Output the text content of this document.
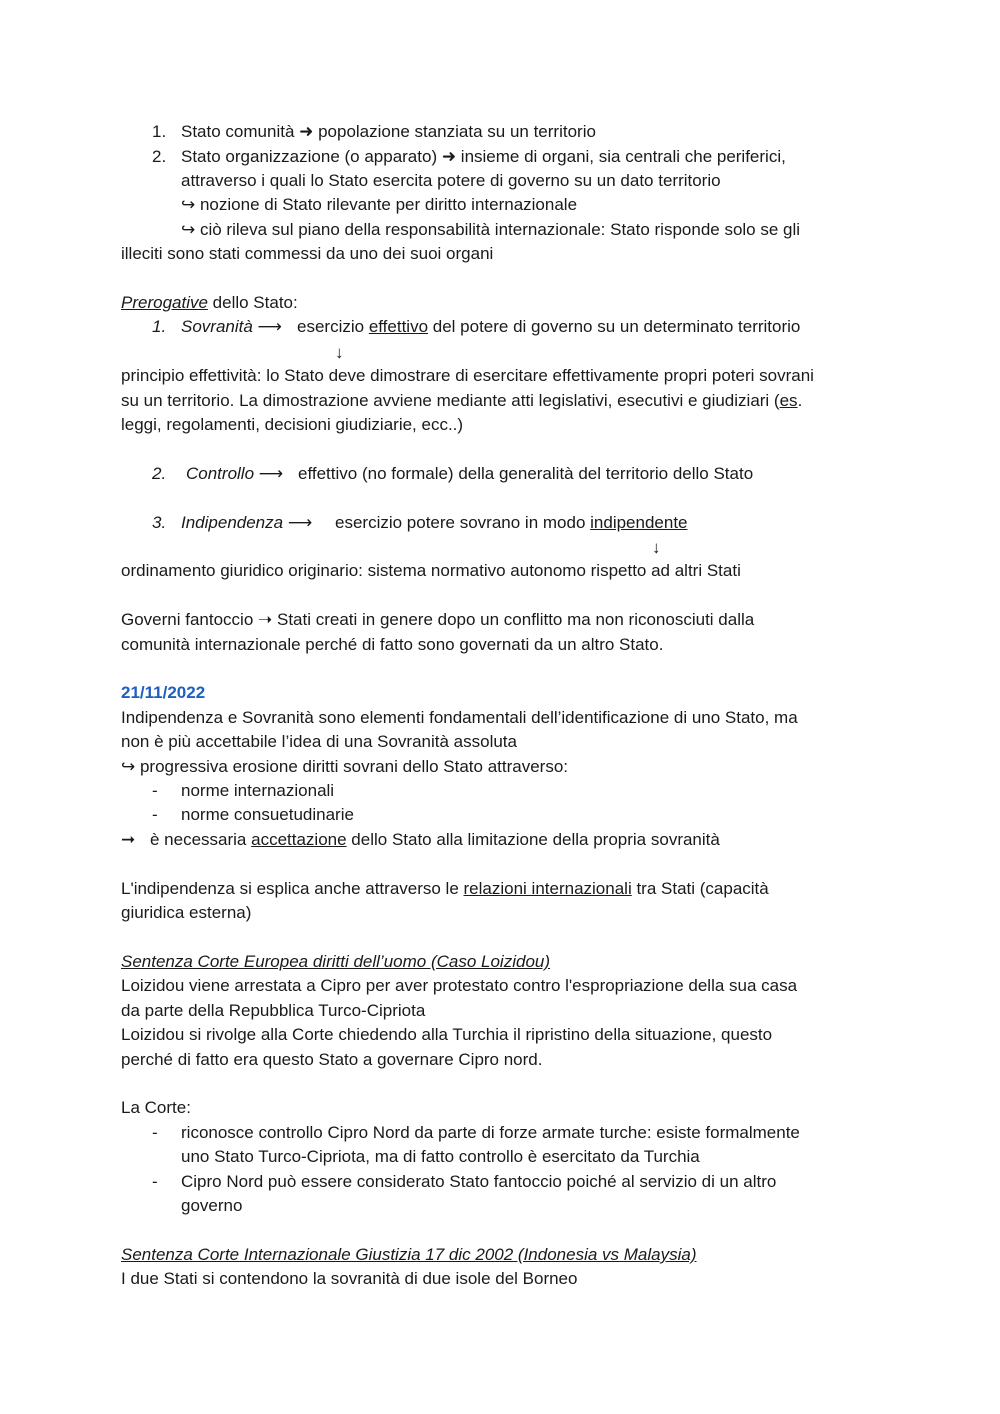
1. Stato comunità ➜ popolazione stanziata su un territorio
2. Stato organizzazione (o apparato) ➜ insieme di organi, sia centrali che periferici,
attraverso i quali lo Stato esercita potere di governo su un dato territorio
↪ nozione di Stato rilevante per diritto internazionale
↪ ciò rileva sul piano della responsabilità internazionale: Stato risponde solo se gli
illeciti sono stati commessi da uno dei suoi organi
Prerogative dello Stato:
1. Sovranità ⟶ esercizio effettivo del potere di governo su un determinato territorio
↓
principio effettività: lo Stato deve dimostrare di esercitare effettivamente propri poteri sovrani
su un territorio. La dimostrazione avviene mediante atti legislativi, esecutivi e giudiziari (es.
leggi, regolamenti, decisioni giudiziarie, ecc..)
2. Controllo ⟶ effettivo (no formale) della generalità del territorio dello Stato
3. Indipendenza ⟶ esercizio potere sovrano in modo indipendente
↓
ordinamento giuridico originario: sistema normativo autonomo rispetto ad altri Stati
Governi fantoccio ➝ Stati creati in genere dopo un conflitto ma non riconosciuti dalla
comunità internazionale perché di fatto sono governati da un altro Stato.
21/11/2022
Indipendenza e Sovranità sono elementi fondamentali dell’identificazione di uno Stato, ma
non è più accettabile l’idea di una Sovranità assoluta
↪ progressiva erosione diritti sovrani dello Stato attraverso:
- norme internazionali
- norme consuetudinarie
➞ è necessaria accettazione dello Stato alla limitazione della propria sovranità
L'indipendenza si esplica anche attraverso le relazioni internazionali tra Stati (capacità
giuridica esterna)
Sentenza Corte Europea diritti dell’uomo (Caso Loizidou)
Loizidou viene arrestata a Cipro per aver protestato contro l'espropriazione della sua casa
da parte della Repubblica Turco-Cipriota
Loizidou si rivolge alla Corte chiedendo alla Turchia il ripristino della situazione, questo
perché di fatto era questo Stato a governare Cipro nord.
La Corte:
- riconosce controllo Cipro Nord da parte di forze armate turche: esiste formalmente
uno Stato Turco-Cipriota, ma di fatto controllo è esercitato da Turchia
- Cipro Nord può essere considerato Stato fantoccio poiché al servizio di un altro
governo
Sentenza Corte Internazionale Giustizia 17 dic 2002 (Indonesia vs Malaysia)
I due Stati si contendono la sovranità di due isole del Borneo
